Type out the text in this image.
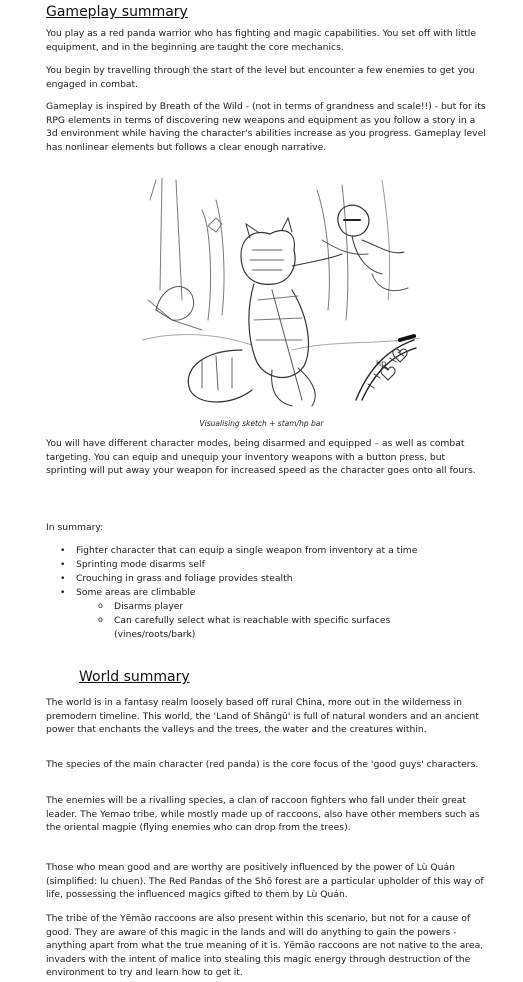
Gameplay summary

You play as a red panda warrior who has fighting and magic capabilities. You set off with little equipment, and in the beginning are taught the core mechanics.

You begin by travelling through the start of the level but encounter a few enemies to get you engaged in combat.

Gameplay is inspired by Breath of the Wild - (not in terms of grandness and scale!!) - but for its RPG elements in terms of discovering new weapons and equipment as you follow a story in a 3d environment while having the character's abilities increase as you progress. Gameplay level has nonlinear elements but follows a clear enough narrative.

hp
Visualising sketch + stam/hp bar

You will have different character modes, being disarmed and equipped – as well as combat targeting. You can equip and unequip your inventory weapons with a button press, but sprinting will put away your weapon for increased speed as the character goes onto all fours.

In summary:

• Fighter character that can equip a single weapon from inventory at a time
• Sprinting mode disarms self
• Crouching in grass and foliage provides stealth
• Some areas are climbable
o Disarms player
o Can carefully select what is reachable with specific surfaces (vines/roots/bark)
World summary

The world is in a fantasy realm loosely based off rural China, more out in the wilderness in premodern timeline. This world, the 'Land of Shāngū' is full of natural wonders and an ancient power that enchants the valleys and the trees, the water and the creatures within.

The species of the main character (red panda) is the core focus of the 'good guys' characters.

The enemies will be a rivalling species, a clan of raccoon fighters who fall under their great leader. The Yemao tribe, while mostly made up of raccoons, also have other members such as the oriental magpie (flying enemies who can drop from the trees).

Those who mean good and are worthy are positively influenced by the power of Lù Quán (simplified: lu chuen). The Red Pandas of the Shō forest are a particular upholder of this way of life, possessing the influenced magics gifted to them by Lù Quán.

The tribe of the Yēmāo raccoons are also present within this scenario, but not for a cause of good. They are aware of this magic in the lands and will do anything to gain the powers - anything apart from what the true meaning of it is. Yēmāo raccoons are not native to the area, invaders with the intent of malice into stealing this magic energy through destruction of the environment to try and learn how to get it.
